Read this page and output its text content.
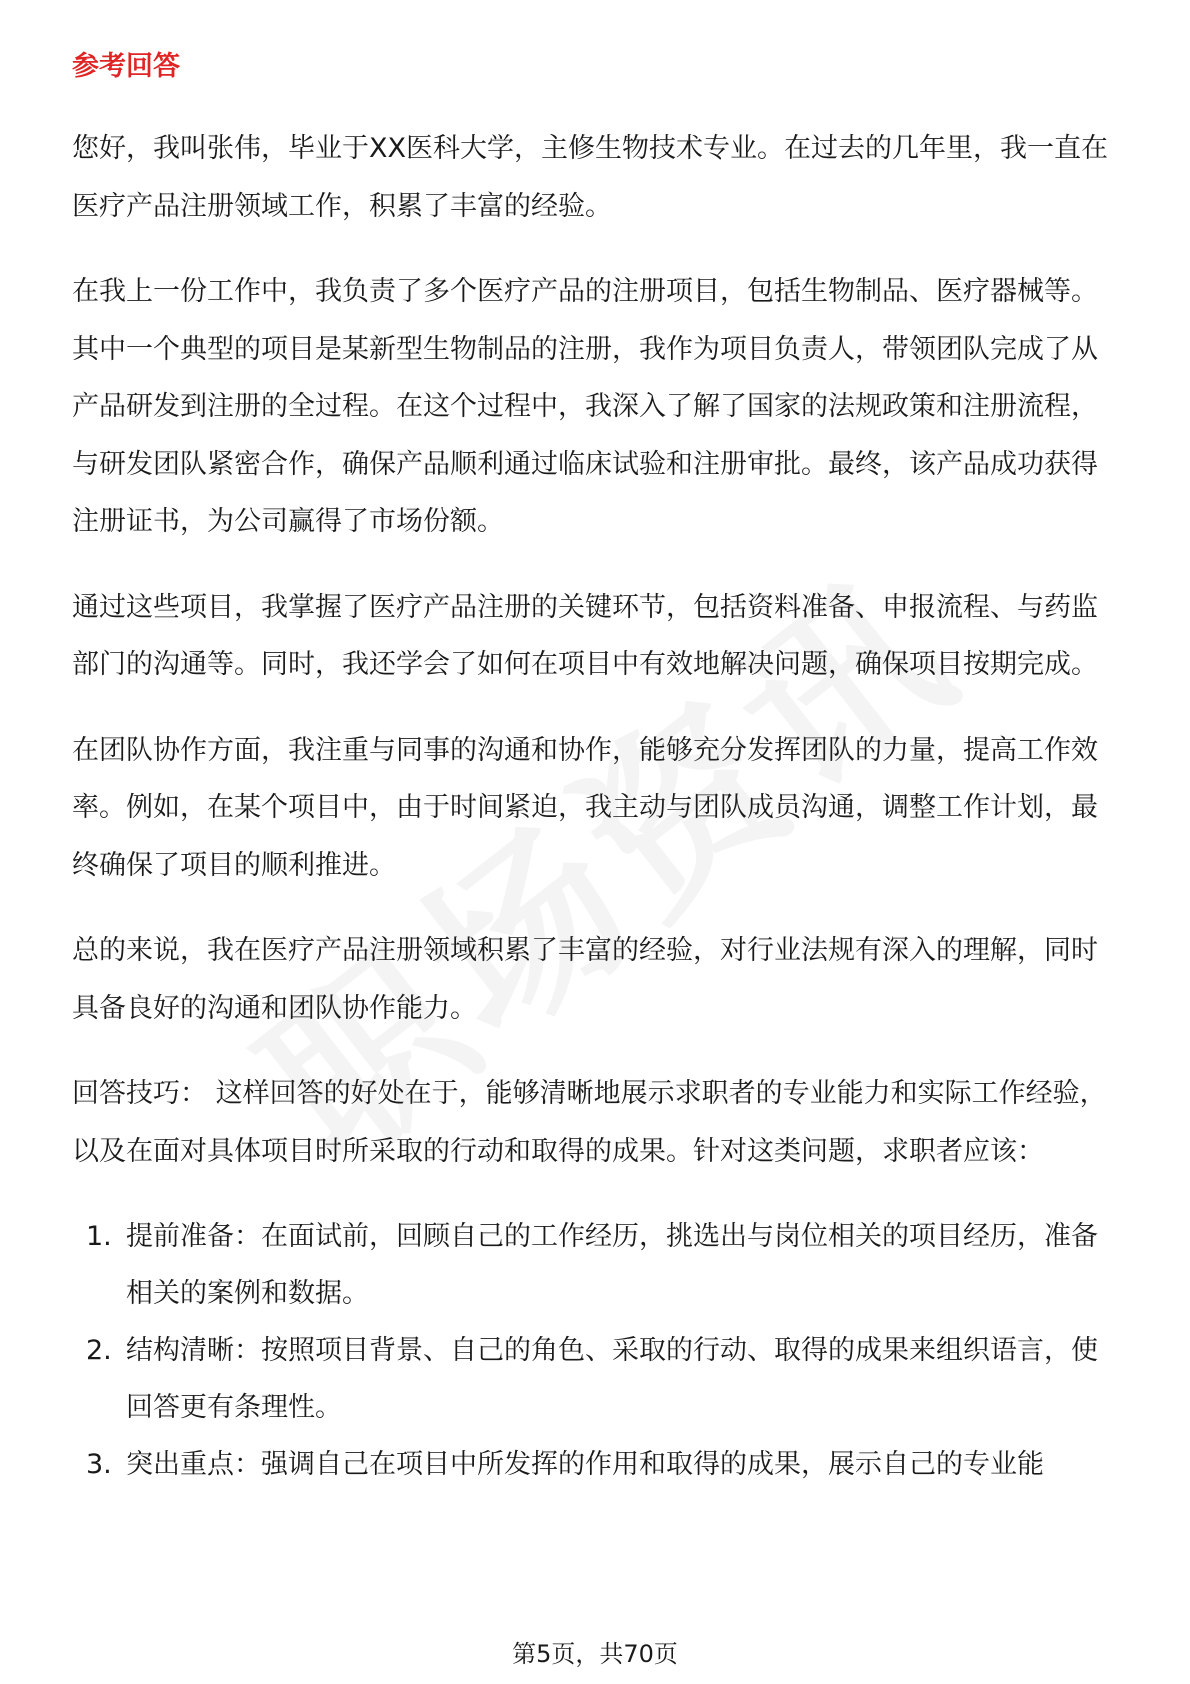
参考回答

您好，我叫张伟，毕业于XX医科大学，主修生物技术专业。在过去的几年里，我一直在医疗产品注册领域工作，积累了丰富的经验。

在我上一份工作中，我负责了多个医疗产品的注册项目，包括生物制品、医疗器械等。其中一个典型的项目是某新型生物制品的注册，我作为项目负责人，带领团队完成了从产品研发到注册的全过程。在这个过程中，我深入了解了国家的法规政策和注册流程，与研发团队紧密合作，确保产品顺利通过临床试验和注册审批。最终，该产品成功获得注册证书，为公司赢得了市场份额。

通过这些项目，我掌握了医疗产品注册的关键环节，包括资料准备、申报流程、与药监部门的沟通等。同时，我还学会了如何在项目中有效地解决问题，确保项目按期完成。

在团队协作方面，我注重与同事的沟通和协作，能够充分发挥团队的力量，提高工作效率。例如，在某个项目中，由于时间紧迫，我主动与团队成员沟通，调整工作计划，最终确保了项目的顺利推进。

总的来说，我在医疗产品注册领域积累了丰富的经验，对行业法规有深入的理解，同时具备良好的沟通和团队协作能力。

回答技巧： 这样回答的好处在于，能够清晰地展示求职者的专业能力和实际工作经验，以及在面对具体项目时所采取的行动和取得的成果。针对这类问题，求职者应该：

1. 提前准备：在面试前，回顾自己的工作经历，挑选出与岗位相关的项目经历，准备相关的案例和数据。
2. 结构清晰：按照项目背景、自己的角色、采取的行动、取得的成果来组织语言，使回答更有条理性。
3. 突出重点：强调自己在项目中所发挥的作用和取得的成果，展示自己的专业能
第5页，共70页
